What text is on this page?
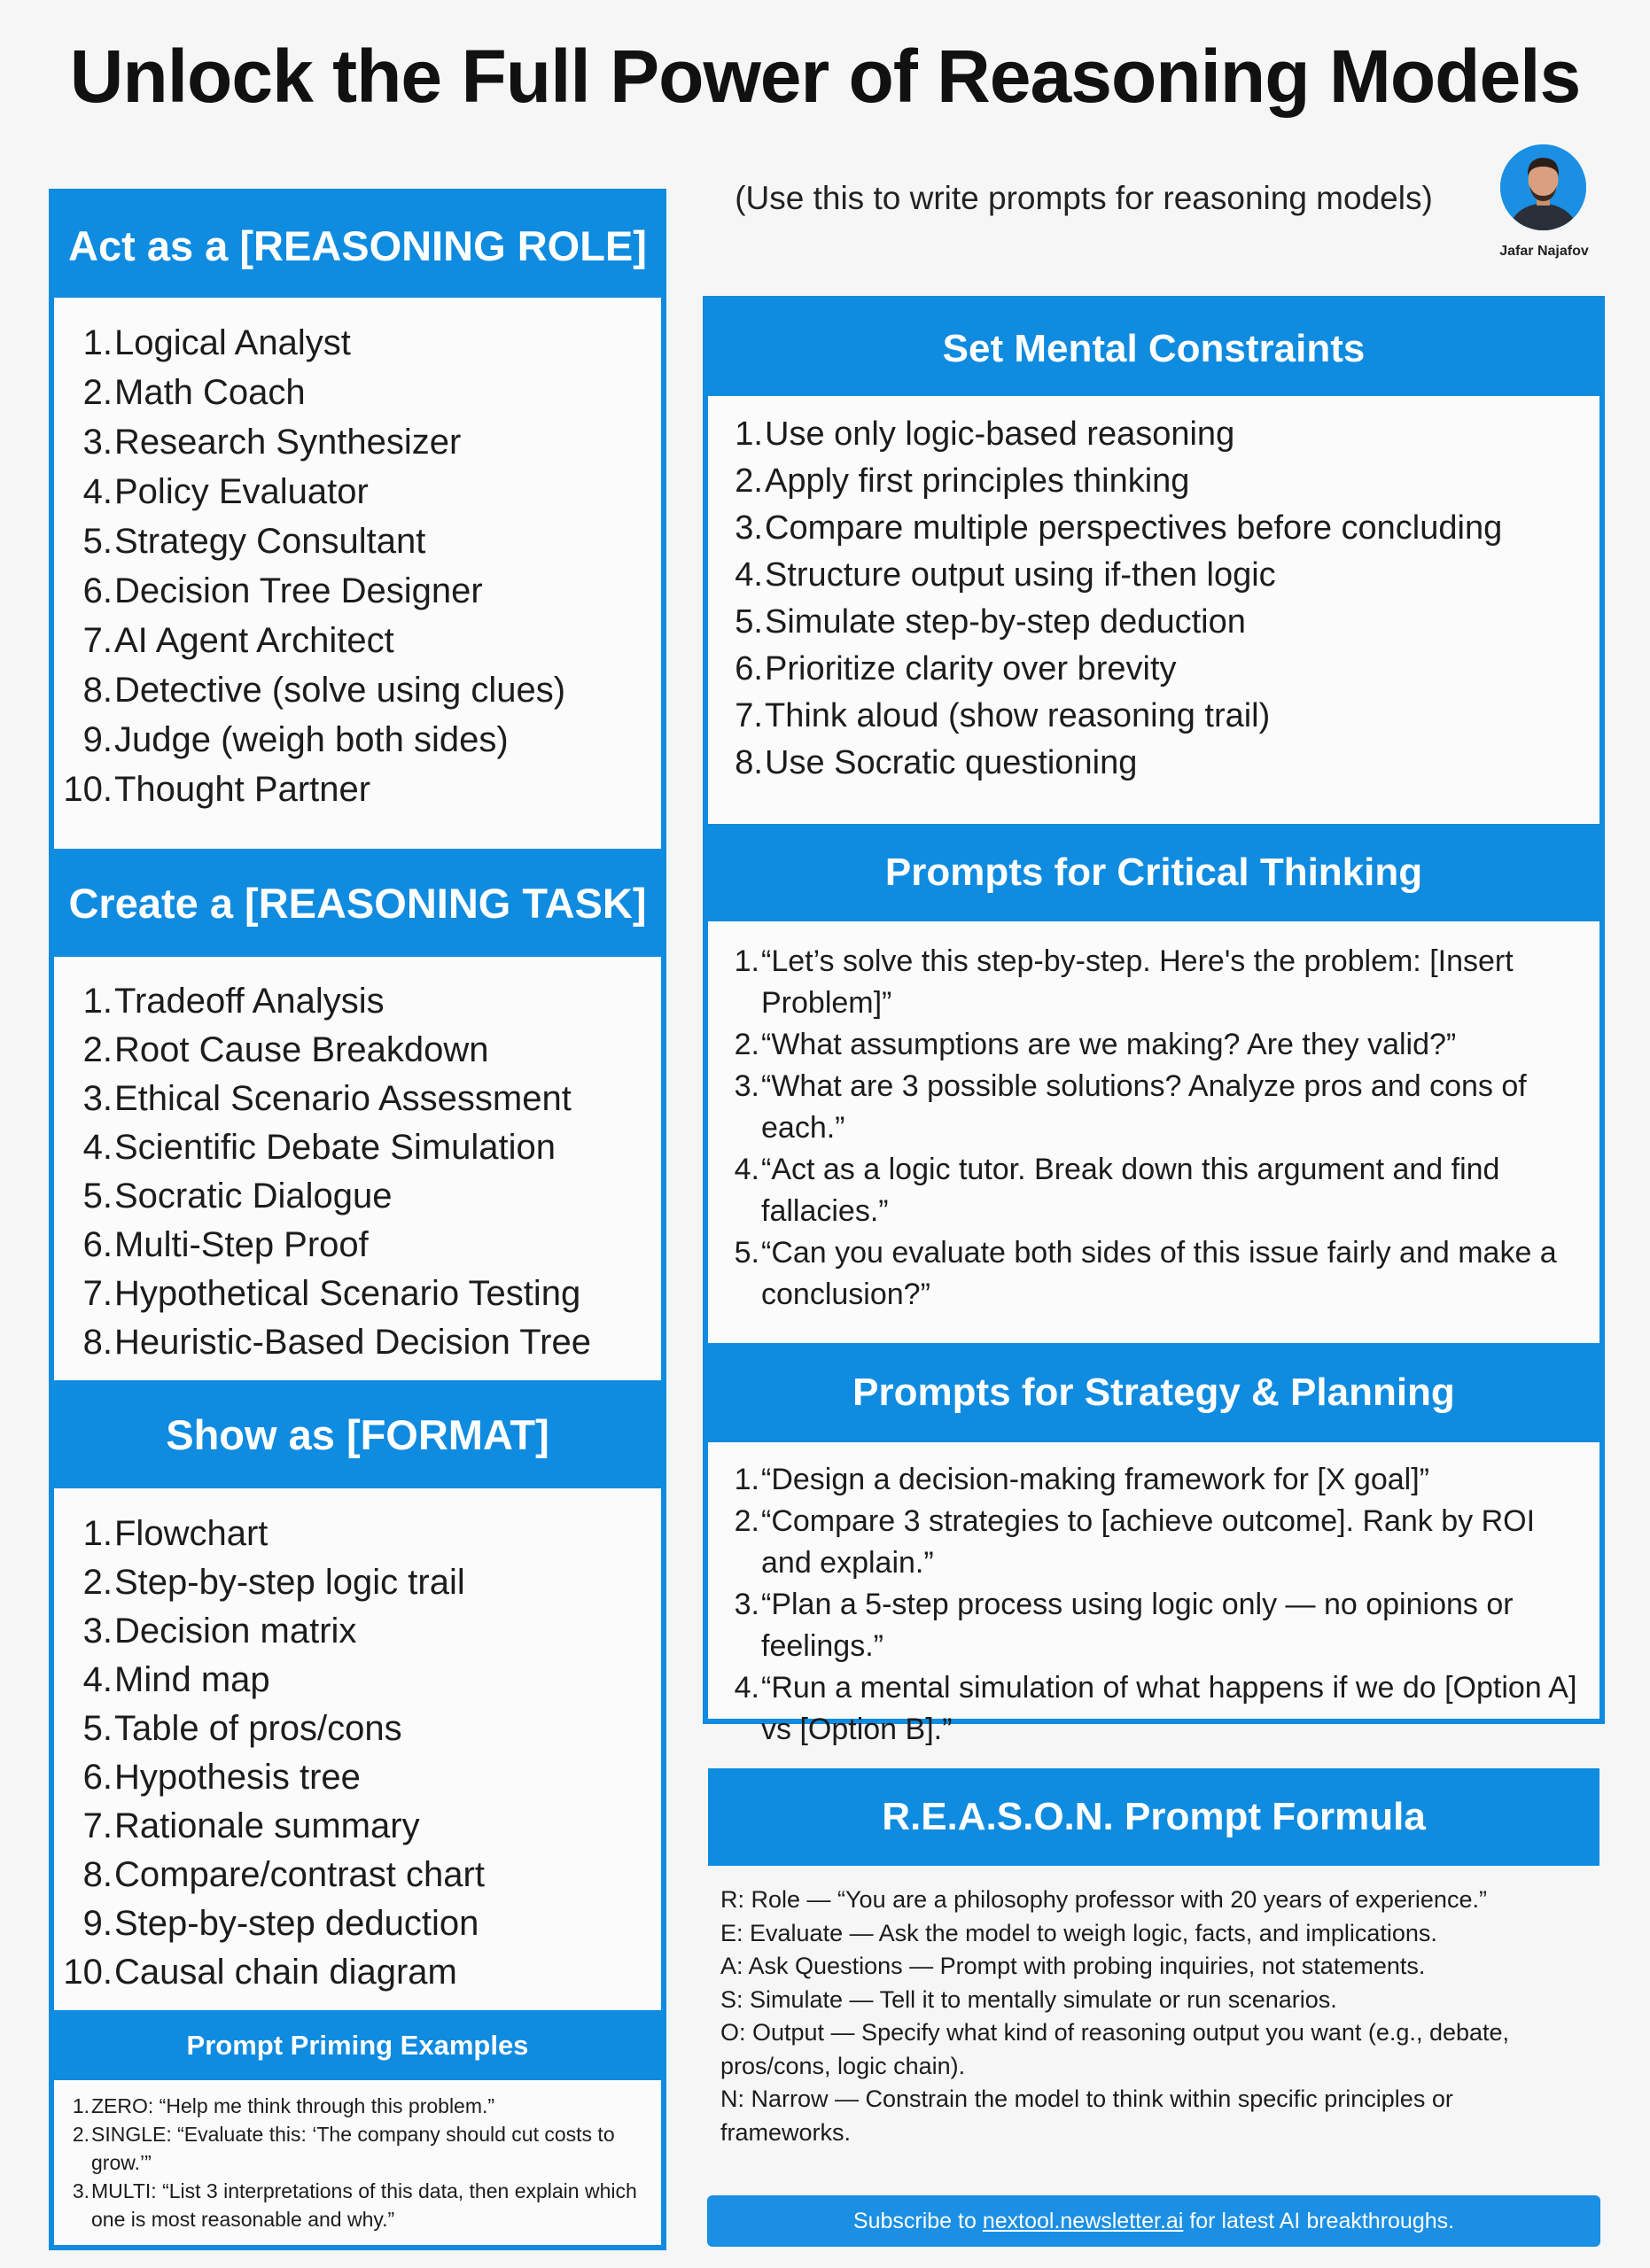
Unlock the Full Power of Reasoning Models
Act as a [REASONING ROLE]
1. Logical Analyst
2. Math Coach
3. Research Synthesizer
4. Policy Evaluator
5. Strategy Consultant
6. Decision Tree Designer
7. AI Agent Architect
8. Detective (solve using clues)
9. Judge (weigh both sides)
10. Thought Partner
Create a [REASONING TASK]
1. Tradeoff Analysis
2. Root Cause Breakdown
3. Ethical Scenario Assessment
4. Scientific Debate Simulation
5. Socratic Dialogue
6. Multi-Step Proof
7. Hypothetical Scenario Testing
8. Heuristic-Based Decision Tree
Show as [FORMAT]
1. Flowchart
2. Step-by-step logic trail
3. Decision matrix
4. Mind map
5. Table of pros/cons
6. Hypothesis tree
7. Rationale summary
8. Compare/contrast chart
9. Step-by-step deduction
10. Causal chain diagram
Prompt Priming Examples
1. ZERO: “Help me think through this problem.”
2. SINGLE: “Evaluate this: ‘The company should cut costs to grow.’”
3. MULTI: “List 3 interpretations of this data, then explain which one is most reasonable and why.”
(Use this to write prompts for reasoning models)
Jafar Najafov
Set Mental Constraints
1. Use only logic-based reasoning
2. Apply first principles thinking
3. Compare multiple perspectives before concluding
4. Structure output using if-then logic
5. Simulate step-by-step deduction
6. Prioritize clarity over brevity
7. Think aloud (show reasoning trail)
8. Use Socratic questioning
Prompts for Critical Thinking
1. “Let’s solve this step-by-step. Here's the problem: [Insert Problem]”
2. “What assumptions are we making? Are they valid?”
3. “What are 3 possible solutions? Analyze pros and cons of each.”
4. “Act as a logic tutor. Break down this argument and find fallacies.”
5. “Can you evaluate both sides of this issue fairly and make a conclusion?”
Prompts for Strategy & Planning
1. “Design a decision-making framework for [X goal]”
2. “Compare 3 strategies to [achieve outcome]. Rank by ROI and explain.”
3. “Plan a 5-step process using logic only — no opinions or feelings.”
4. “Run a mental simulation of what happens if we do [Option A] vs [Option B].”
R.E.A.S.O.N. Prompt Formula

R: Role — “You are a philosophy professor with 20 years of experience.”

E: Evaluate — Ask the model to weigh logic, facts, and implications.

A: Ask Questions — Prompt with probing inquiries, not statements.

S: Simulate — Tell it to mentally simulate or run scenarios.

O: Output — Specify what kind of reasoning output you want (e.g., debate, pros/cons, logic chain).

N: Narrow — Constrain the model to think within specific principles or frameworks.

Subscribe to
nextool.newsletter.ai
for latest AI breakthroughs.
